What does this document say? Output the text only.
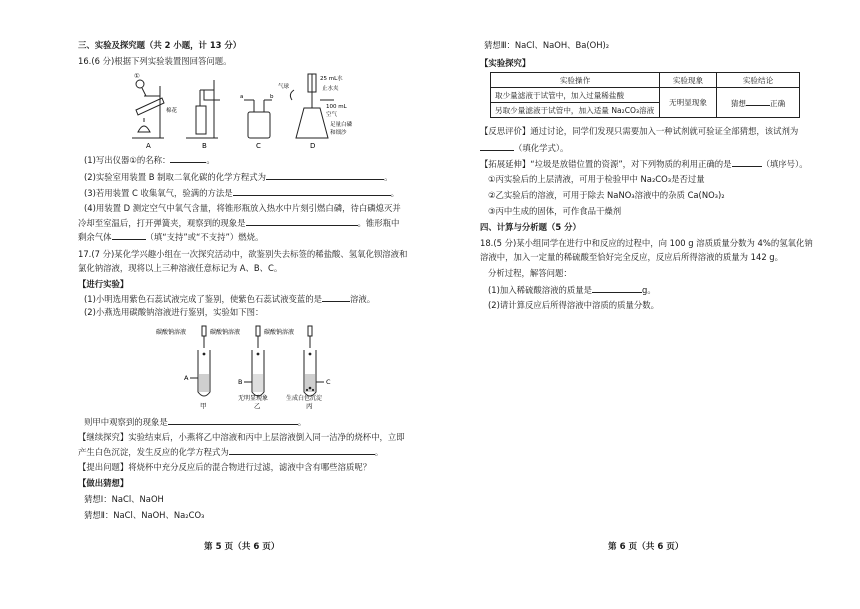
三、实验及探究题（共 2 小题，计 13 分）
16.(6 分)根据下列实验装置图回答问题。
A	B	C	D
①
棉花
a	b
气球
25 mL水
止水夹
100 mL
空气
足量白磷
和细沙
(1)写出仪器①的名称：	。
(2)实验室用装置 B 制取二氧化碳的化学方程式为	。
(3)若用装置 C 收集氧气，验满的方法是	。
(4)用装置 D 测定空气中氧气含量，将锥形瓶放入热水中片刻引燃白磷，待白磷熄灭并
冷却至室温后，打开弹簧夹，观察到的现象是	。锥形瓶中
剩余气体	（填“支持”或“不支持”）燃烧。
17.(7 分)某化学兴趣小组在一次探究活动中，欲鉴别失去标签的稀盐酸、氢氧化钡溶液和
氯化钠溶液，现将以上三种溶液任意标记为 A、B、C。
【进行实验】
(1)小明选用紫色石蕊试液完成了鉴别，使紫色石蕊试液变蓝的是	溶液。
(2)小燕选用碳酸钠溶液进行鉴别，实验如下图：
碳酸钠溶液	碳酸钠溶液	碳酸钠溶液
A	B	C
无明显现象	生成白色沉淀
甲	乙	丙
则甲中观察到的现象是	。
【继续探究】实验结束后，小燕将乙中溶液和丙中上层溶液倒入同一洁净的烧杯中，立即
产生白色沉淀，发生反应的化学方程式为	。
【提出问题】将烧杯中充分反应后的混合物进行过滤，滤液中含有哪些溶质呢？
【做出猜想】
猜想Ⅰ：NaCl、NaOH
猜想Ⅱ：NaCl、NaOH、Na₂CO₃
第 5 页（共 6 页）
猜想Ⅲ：NaCl、NaOH、Ba(OH)₂
【实验探究】
实验操作	实验现象	实验结论
取少量滤液于试管中，加入过量稀盐酸	无明显现象	猜想 正确
另取少量滤液于试管中，加入适量 Na₂CO₃溶液		
【反思评价】通过讨论，同学们发现只需要加入一种试剂就可验证全部猜想，该试剂为
（填化学式）。
【拓展延伸】“垃圾是放错位置的资源”，对下列物质的利用正确的是	（填序号）。
①丙实验后的上层清液，可用于检验甲中 Na₂CO₃是否过量
②乙实验后的溶液，可用于除去 NaNO₃溶液中的杂质 Ca(NO₃)₂
③丙中生成的固体，可作食品干燥剂
四、计算与分析题（5 分）
18.(5 分)某小组同学在进行中和反应的过程中，向 100 g 溶质质量分数为 4%的氢氧化钠
溶液中，加入一定量的稀硫酸至恰好完全反应，反应后所得溶液的质量为 142 g。
分析过程，解答问题：
(1)加入稀硫酸溶液的质量是	g。
(2)请计算反应后所得溶液中溶质的质量分数。
第 6 页（共 6 页）
